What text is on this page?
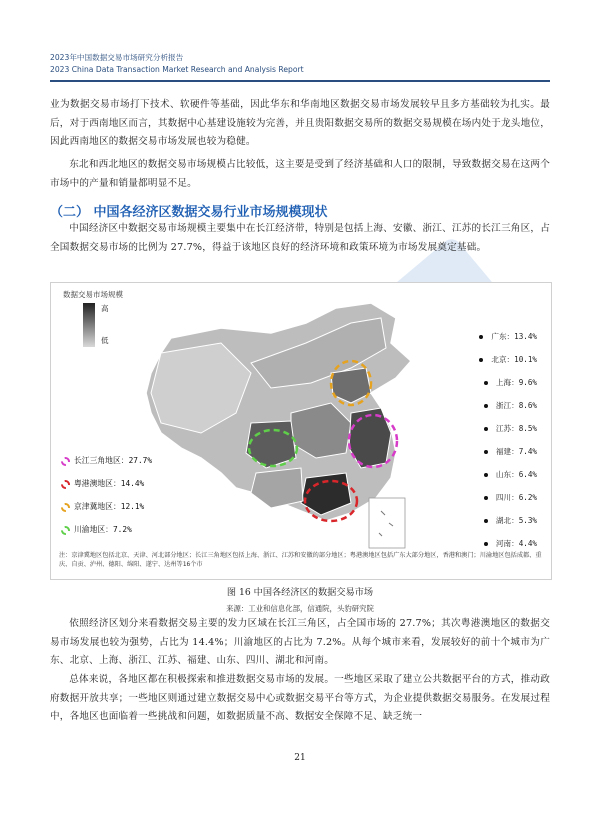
2023年中国数据交易市场研究分析报告
2023 China Data Transaction Market Research and Analysis Report
业为数据交易市场打下技术、软硬件等基础，因此华东和华南地区数据交易市场发展较早且多方基础较为扎实。最后，对于西南地区而言，其数据中心基建设施较为完善，并且贵阳数据交易所的数据交易规模在场内处于龙头地位，因此西南地区的数据交易市场发展也较为稳健。
东北和西北地区的数据交易市场规模占比较低，这主要是受到了经济基础和人口的限制，导致数据交易在这两个市场中的产量和销量都明显不足。
（二） 中国各经济区数据交易行业市场规模现状
中国经济区中数据交易市场规模主要集中在长江经济带，特别是包括上海、安徽、浙江、江苏的长江三角区，占全国数据交易市场的比例为 27.7%，得益于该地区良好的经济环境和政策环境为市场发展奠定基础。
数据交易市场规模
高
低	广东：13.4%
北京：10.1%
上海：9.6%
浙江：8.6%
江苏：8.5%
福建：7.4%
山东：6.4%
四川：6.2%
湖北：5.3%
河南：4.4%
长江三角地区：27.7%
粤港澳地区：14.4%
京津冀地区：12.1%
川渝地区：7.2%
注：京津冀地区包括北京、天津、河北部分地区；长江三角地区包括上海、浙江、江苏和安徽的部分地区；粤港澳地区包括广东大部分地区，香港和澳门；川渝地区包括成都、重庆、自贡、泸州、德阳、绵阳、遂宁、达州等16个市
图 16 中国各经济区的数据交易市场
来源：工业和信息化部，信通院，头豹研究院
依照经济区划分来看数据交易主要的发力区域在长江三角区，占全国市场的 27.7%；其次粤港澳地区的数据交易市场发展也较为强势，占比为 14.4%；川渝地区的占比为 7.2%。从每个城市来看，发展较好的前十个城市为广东、北京、上海、浙江、江苏、福建、山东、四川、湖北和河南。
总体来说，各地区都在积极探索和推进数据交易市场的发展。一些地区采取了建立公共数据平台的方式，推动政府数据开放共享；一些地区则通过建立数据交易中心或数据交易平台等方式，为企业提供数据交易服务。在发展过程中，各地区也面临着一些挑战和问题，如数据质量不高、数据安全保障不足、缺乏统一
21
